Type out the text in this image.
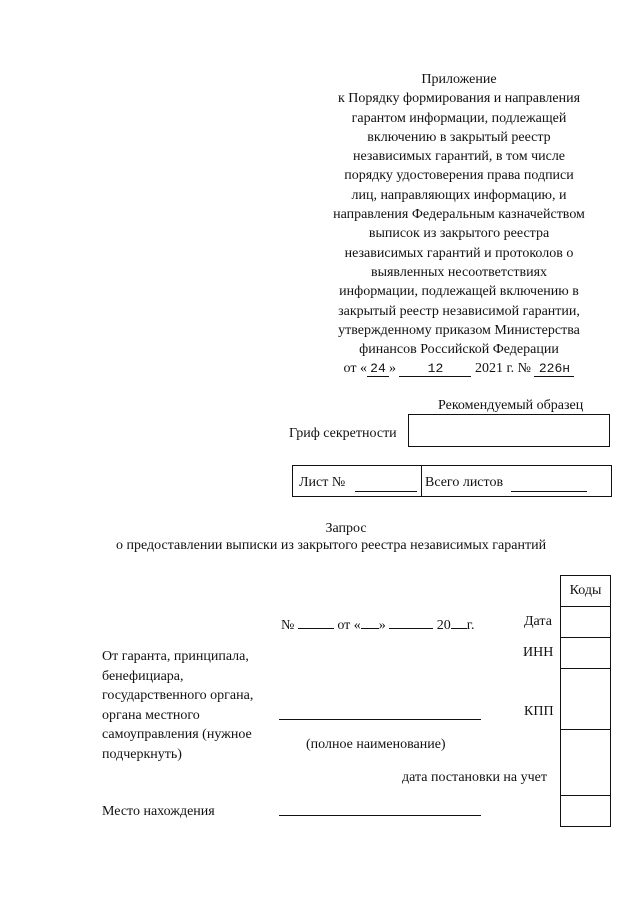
Приложение
к Порядку формирования и направления
гарантом информации, подлежащей
включению в закрытый реестр
независимых гарантий, в том числе
порядку удостоверения права подписи
лиц, направляющих информацию, и
направления Федеральным казначейством
выписок из закрытого реестра
независимых гарантий и протоколов о
выявленных несоответствиях
информации, подлежащей включению в
закрытый реестр независимой гарантии,
утвержденному приказом Министерства
финансов Российской Федерации
от « 24 » 12 2021 г. № 226н
Рекомендуемый образец
Гриф секретности
Лист №	Всего листов
Запрос
о предоставлении выписки из закрытого реестра независимых гарантий
Коды

№	от « »	20 г.	Дата
От гаранта, принципала,
бенефициара,
государственного органа,
органа местного
самоуправления (нужное
подчеркнуть)
ИНН
КПП
(полное наименование)
дата постановки на учет
Место нахождения
